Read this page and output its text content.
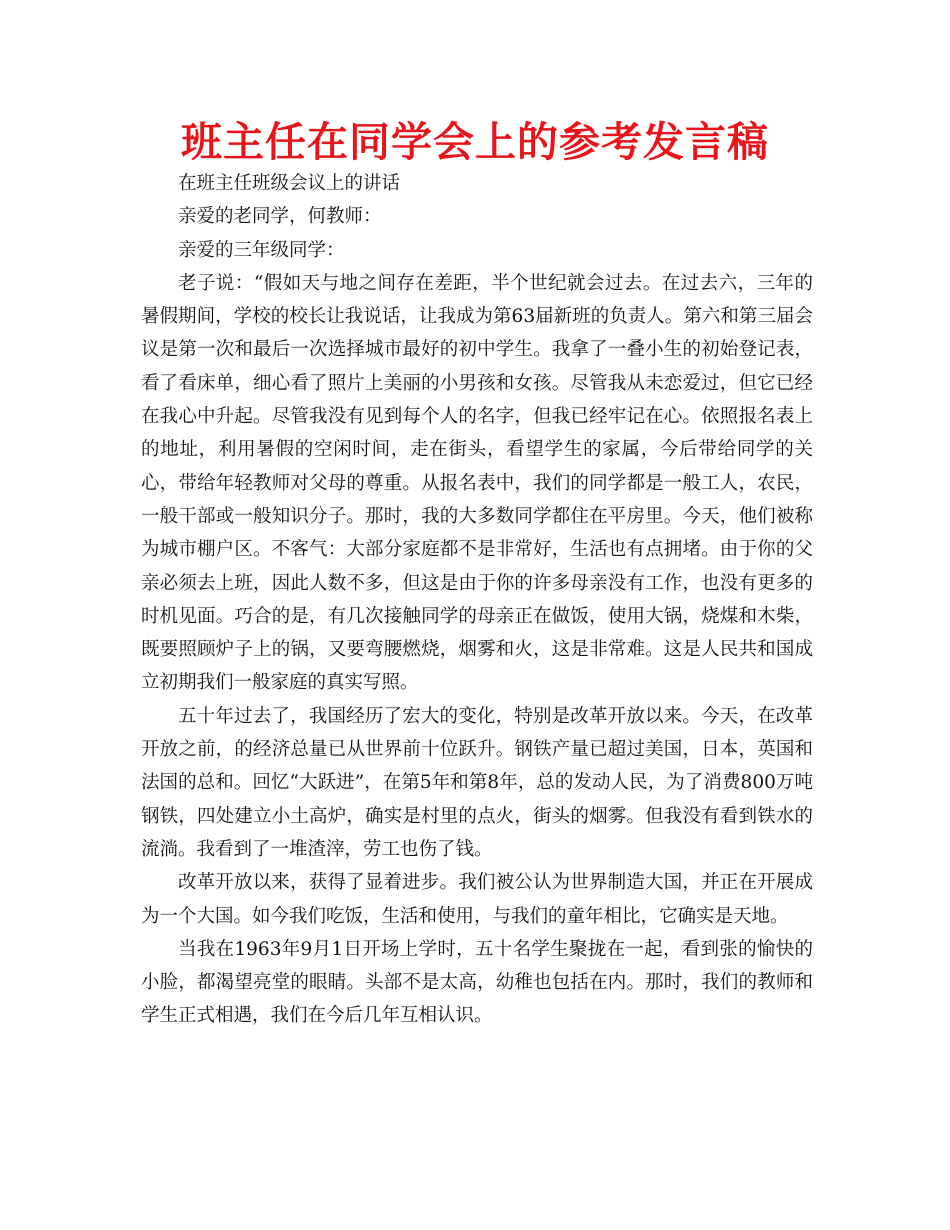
班主任在同学会上的参考发言稿

在班主任班级会议上的讲话

亲爱的老同学，何教师：

亲爱的三年级同学：

老子说：“假如天与地之间存在差距，半个世纪就会过去。在过去六，三年的暑假期间，学校的校长让我说话，让我成为第63届新班的负责人。第六和第三届会议是第一次和最后一次选择城市最好的初中学生。我拿了一叠小生的初始登记表，看了看床单，细心看了照片上美丽的小男孩和女孩。尽管我从未恋爱过，但它已经在我心中升起。尽管我没有见到每个人的名字，但我已经牢记在心。依照报名表上的地址，利用暑假的空闲时间，走在街头，看望学生的家属，今后带给同学的关心，带给年轻教师对父母的尊重。从报名表中，我们的同学都是一般工人，农民，一般干部或一般知识分子。那时，我的大多数同学都住在平房里。今天，他们被称为城市棚户区。不客气：大部分家庭都不是非常好，生活也有点拥堵。由于你的父亲必须去上班，因此人数不多，但这是由于你的许多母亲没有工作，也没有更多的时机见面。巧合的是，有几次接触同学的母亲正在做饭，使用大锅，烧煤和木柴，既要照顾炉子上的锅，又要弯腰燃烧，烟雾和火，这是非常难。这是人民共和国成立初期我们一般家庭的真实写照。

五十年过去了，我国经历了宏大的变化，特别是改革开放以来。今天，在改革开放之前，的经济总量已从世界前十位跃升。钢铁产量已超过美国，日本，英国和法国的总和。回忆“大跃进”，在第5年和第8年，总的发动人民，为了消费800万吨钢铁，四处建立小土高炉，确实是村里的点火，街头的烟雾。但我没有看到铁水的流淌。我看到了一堆渣滓，劳工也伤了钱。

改革开放以来，获得了显着进步。我们被公认为世界制造大国，并正在开展成为一个大国。如今我们吃饭，生活和使用，与我们的童年相比，它确实是天地。

当我在1963年9月1日开场上学时，五十名学生聚拢在一起，看到张的愉快的小脸，都渴望亮堂的眼睛。头部不是太高，幼稚也包括在内。那时，我们的教师和学生正式相遇，我们在今后几年互相认识。
